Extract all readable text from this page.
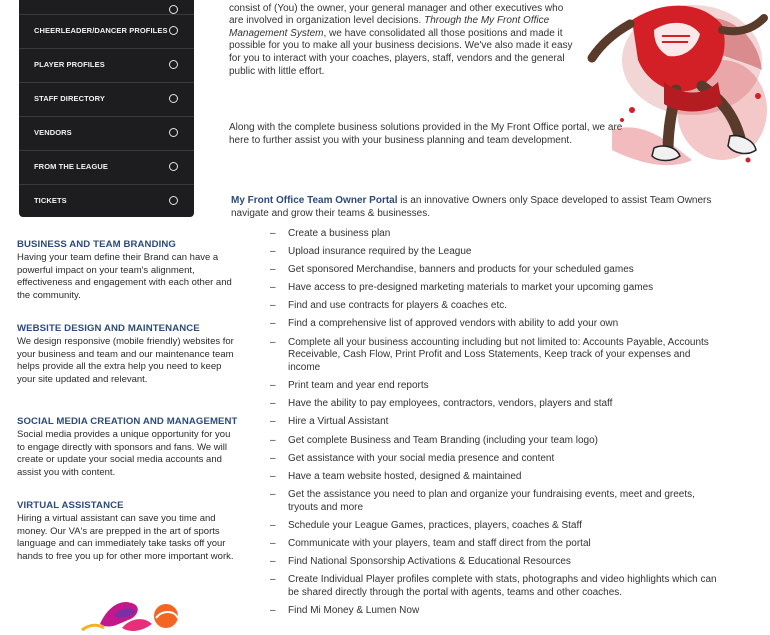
CHEERLEADER/DANCER PROFILES
PLAYER PROFILES
STAFF DIRECTORY
VENDORS
FROM THE LEAGUE
TICKETS
BUSINESS AND TEAM BRANDING

Having your team define their Brand can have a powerful impact on your team's alignment, effectiveness and engagement with each other and the community.

WEBSITE DESIGN AND MAINTENANCE

We design responsive (mobile friendly) websites for your business and team and our maintenance team helps provide all the extra help you need to keep your site updated and relevant.

SOCIAL MEDIA CREATION AND MANAGEMENT

Social media provides a unique opportunity for you to engage directly with sponsors and fans. We will create or update your social media accounts and assist you with content.

VIRTUAL ASSISTANCE

Hiring a virtual assistant can save you time and money. Our VA's are prepped in the art of sports language and can immediately take tasks off your hands to free you up for other more important work.

consist of (You) the owner, your general manager and other executives who are involved in organization level decisions. Through the My Front Office Management System, we have consolidated all those positions and made it possible for you to make all your business decisions. We've also made it easy for you to interact with your coaches, players, staff, vendors and the general public with little effort.

Along with the complete business solutions provided in the My Front Office portal, we are here to further assist you with your business planning and team development.

My Front Office Team Owner Portal is an innovative Owners only Space developed to assist Team Owners navigate and grow their teams & businesses.

– Create a business plan
– Upload insurance required by the League
– Get sponsored Merchandise, banners and products for your scheduled games
– Have access to pre-designed marketing materials to market your upcoming games
– Find and use contracts for players & coaches etc.
– Find a comprehensive list of approved vendors with ability to add your own
– Complete all your business accounting including but not limited to: Accounts Payable, Accounts Receivable, Cash Flow, Print Profit and Loss Statements, Keep track of your expenses and income
– Print team and year end reports
– Have the ability to pay employees, contractors, vendors, players and staff
– Hire a Virtual Assistant
– Get complete Business and Team Branding (including your team logo)
– Get assistance with your social media presence and content
– Have a team website hosted, designed & maintained
– Get the assistance you need to plan and organize your fundraising events, meet and greets, tryouts and more
– Schedule your League Games, practices, players, coaches & Staff
– Communicate with your players, team and staff direct from the portal
– Find National Sponsorship Activations & Educational Resources
– Create Individual Player profiles complete with stats, photographs and video highlights which can be shared directly through the portal with agents, teams and other coaches.
– Find Mi Money & Lumen Now
